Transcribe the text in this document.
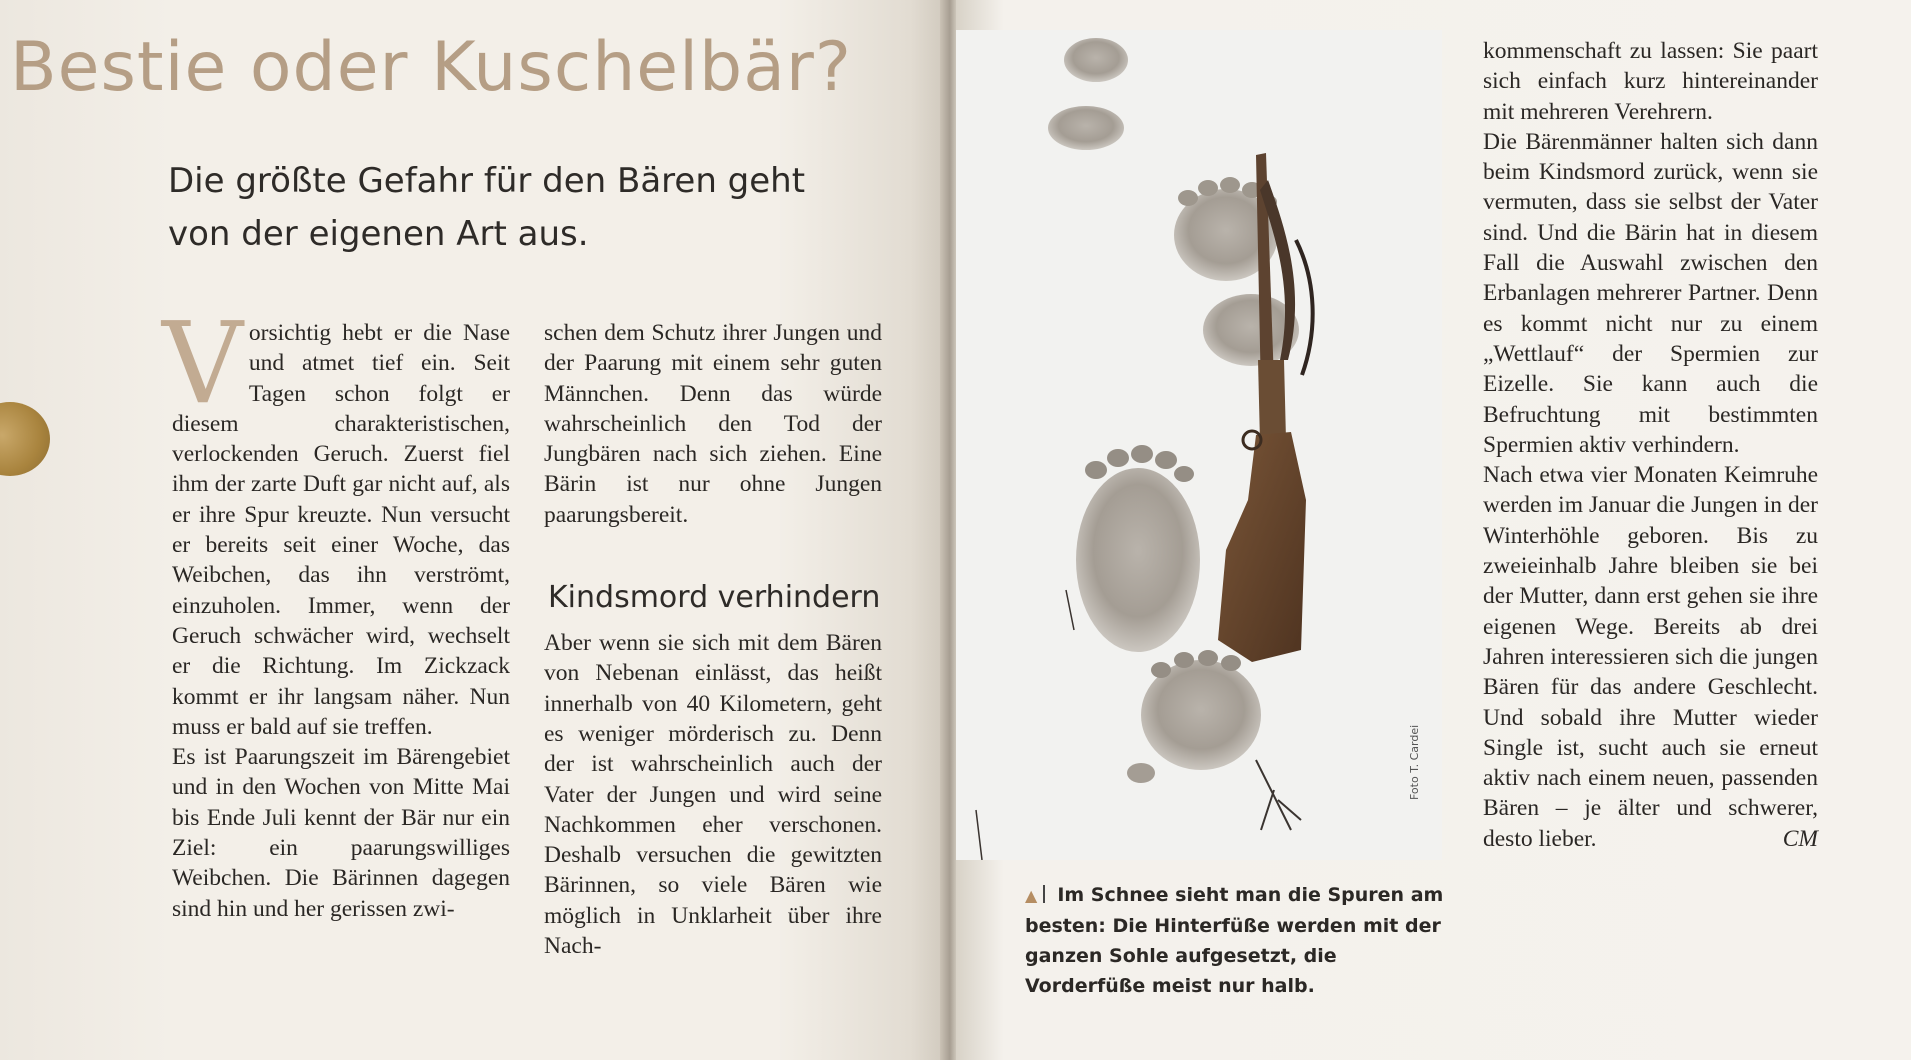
Bestie oder Kuschelbär?
Die größte Gefahr für den Bären geht von der eigenen Art aus.

Vorsichtig hebt er die Nase und atmet tief ein. Seit Tagen schon folgt er diesem charakteristischen, verlockenden Geruch. Zuerst fiel ihm der zarte Duft gar nicht auf, als er ihre Spur kreuzte. Nun versucht er bereits seit einer Woche, das Weibchen, das ihn verströmt, einzuholen. Immer, wenn der Geruch schwächer wird, wechselt er die Richtung. Im Zickzack kommt er ihr langsam näher. Nun muss er bald auf sie treffen.

Es ist Paarungszeit im Bärengebiet und in den Wochen von Mitte Mai bis Ende Juli kennt der Bär nur ein Ziel: ein paarungswilliges Weibchen. Die Bärinnen dagegen sind hin und her gerissen zwi-

schen dem Schutz ihrer Jungen und der Paarung mit einem sehr guten Männchen. Denn das würde wahrscheinlich den Tod der Jungbären nach sich ziehen. Eine Bärin ist nur ohne Jungen paarungsbereit.

Kindsmord verhindern

Aber wenn sie sich mit dem Bären von Nebenan einlässt, das heißt innerhalb von 40 Kilometern, geht es weniger mörderisch zu. Denn der ist wahrscheinlich auch der Vater der Jungen und wird seine Nachkommen eher verschonen. Deshalb versuchen die gewitzten Bärinnen, so viele Bären wie möglich in Unklarheit über ihre Nach-

Foto T. Cardei
▲ Im Schnee sieht man die Spuren am besten: Die Hinterfüße werden mit der ganzen Sohle aufgesetzt, die Vorderfüße meist nur halb.

kommenschaft zu lassen: Sie paart sich einfach kurz hintereinander mit mehreren Verehrern.

Die Bärenmänner halten sich dann beim Kindsmord zurück, wenn sie vermuten, dass sie selbst der Vater sind. Und die Bärin hat in diesem Fall die Auswahl zwischen den Erbanlagen mehrerer Partner. Denn es kommt nicht nur zu einem „Wettlauf“ der Spermien zur Eizelle. Sie kann auch die Befruchtung mit bestimmten Spermien aktiv verhindern.

Nach etwa vier Monaten Keimruhe werden im Januar die Jungen in der Winterhöhle geboren. Bis zu zweieinhalb Jahre bleiben sie bei der Mutter, dann erst gehen sie ihre eigenen Wege. Bereits ab drei Jahren interessieren sich die jungen Bären für das andere Geschlecht. Und sobald ihre Mutter wieder Single ist, sucht auch sie erneut aktiv nach einem neuen, passenden Bären – je älter und schwerer, desto lieber.	CM
